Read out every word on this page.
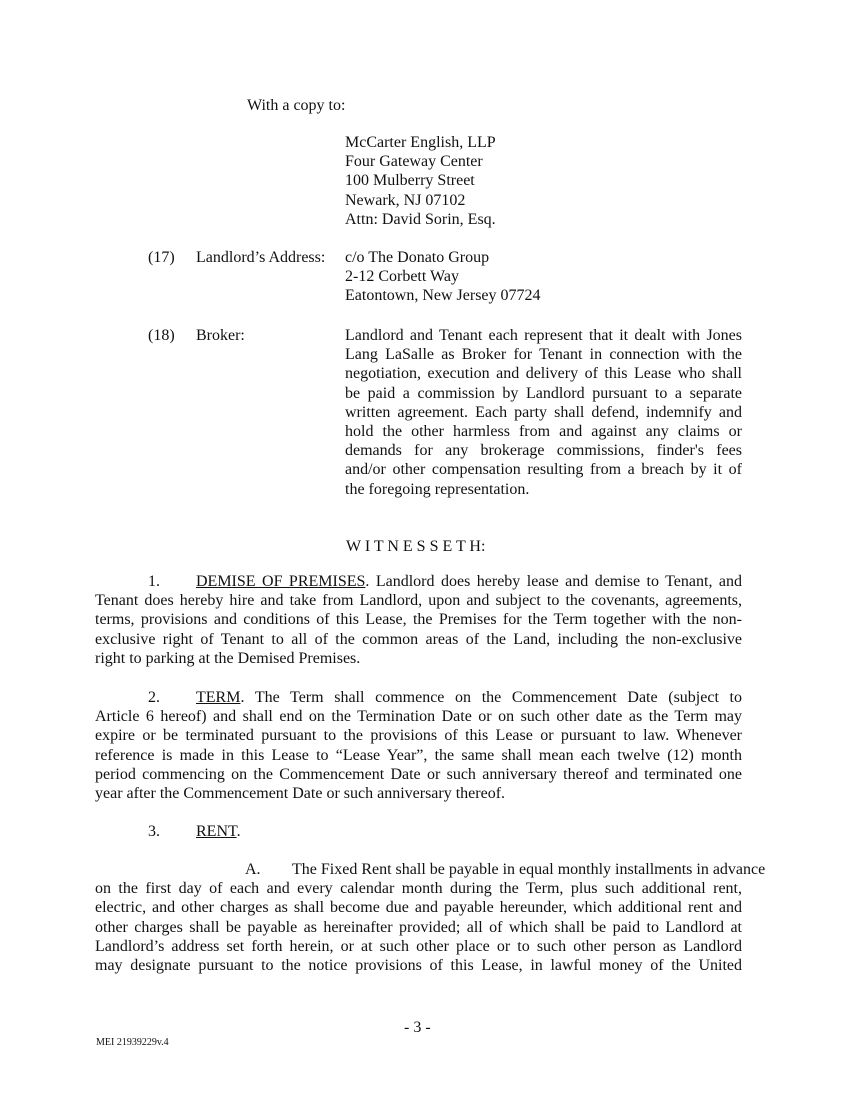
With a copy to:
McCarter English, LLP
Four Gateway Center
100 Mulberry Street
Newark, NJ 07102
Attn: David Sorin, Esq.
(17) Landlord’s Address: c/o The Donato Group
2-12 Corbett Way
Eatontown, New Jersey 07724
(18) Broker:	Landlord and Tenant each represent that it dealt with Jones
Lang LaSalle as Broker for Tenant in connection with the
negotiation, execution and delivery of this Lease who shall
be paid a commission by Landlord pursuant to a separate
written agreement. Each party shall defend, indemnify and
hold the other harmless from and against any claims or
demands for any brokerage commissions, finder's fees
and/or other compensation resulting from a breach by it of
the foregoing representation.
W I T N E S S E T H:
1. DEMISE OF PREMISES. Landlord does hereby lease and demise to Tenant, and
Tenant does hereby hire and take from Landlord, upon and subject to the covenants, agreements,
terms, provisions and conditions of this Lease, the Premises for the Term together with the non-
exclusive right of Tenant to all of the common areas of the Land, including the non-exclusive
right to parking at the Demised Premises.
2. TERM. The Term shall commence on the Commencement Date (subject to
Article 6 hereof) and shall end on the Termination Date or on such other date as the Term may
expire or be terminated pursuant to the provisions of this Lease or pursuant to law. Whenever
reference is made in this Lease to “Lease Year”, the same shall mean each twelve (12) month
period commencing on the Commencement Date or such anniversary thereof and terminated one
year after the Commencement Date or such anniversary thereof.
3. RENT.
A. The Fixed Rent shall be payable in equal monthly installments in advance
on the first day of each and every calendar month during the Term, plus such additional rent,
electric, and other charges as shall become due and payable hereunder, which additional rent and
other charges shall be payable as hereinafter provided; all of which shall be paid to Landlord at
Landlord’s address set forth herein, or at such other place or to such other person as Landlord
may designate pursuant to the notice provisions of this Lease, in lawful money of the United
- 3 -
MEI 21939229v.4
